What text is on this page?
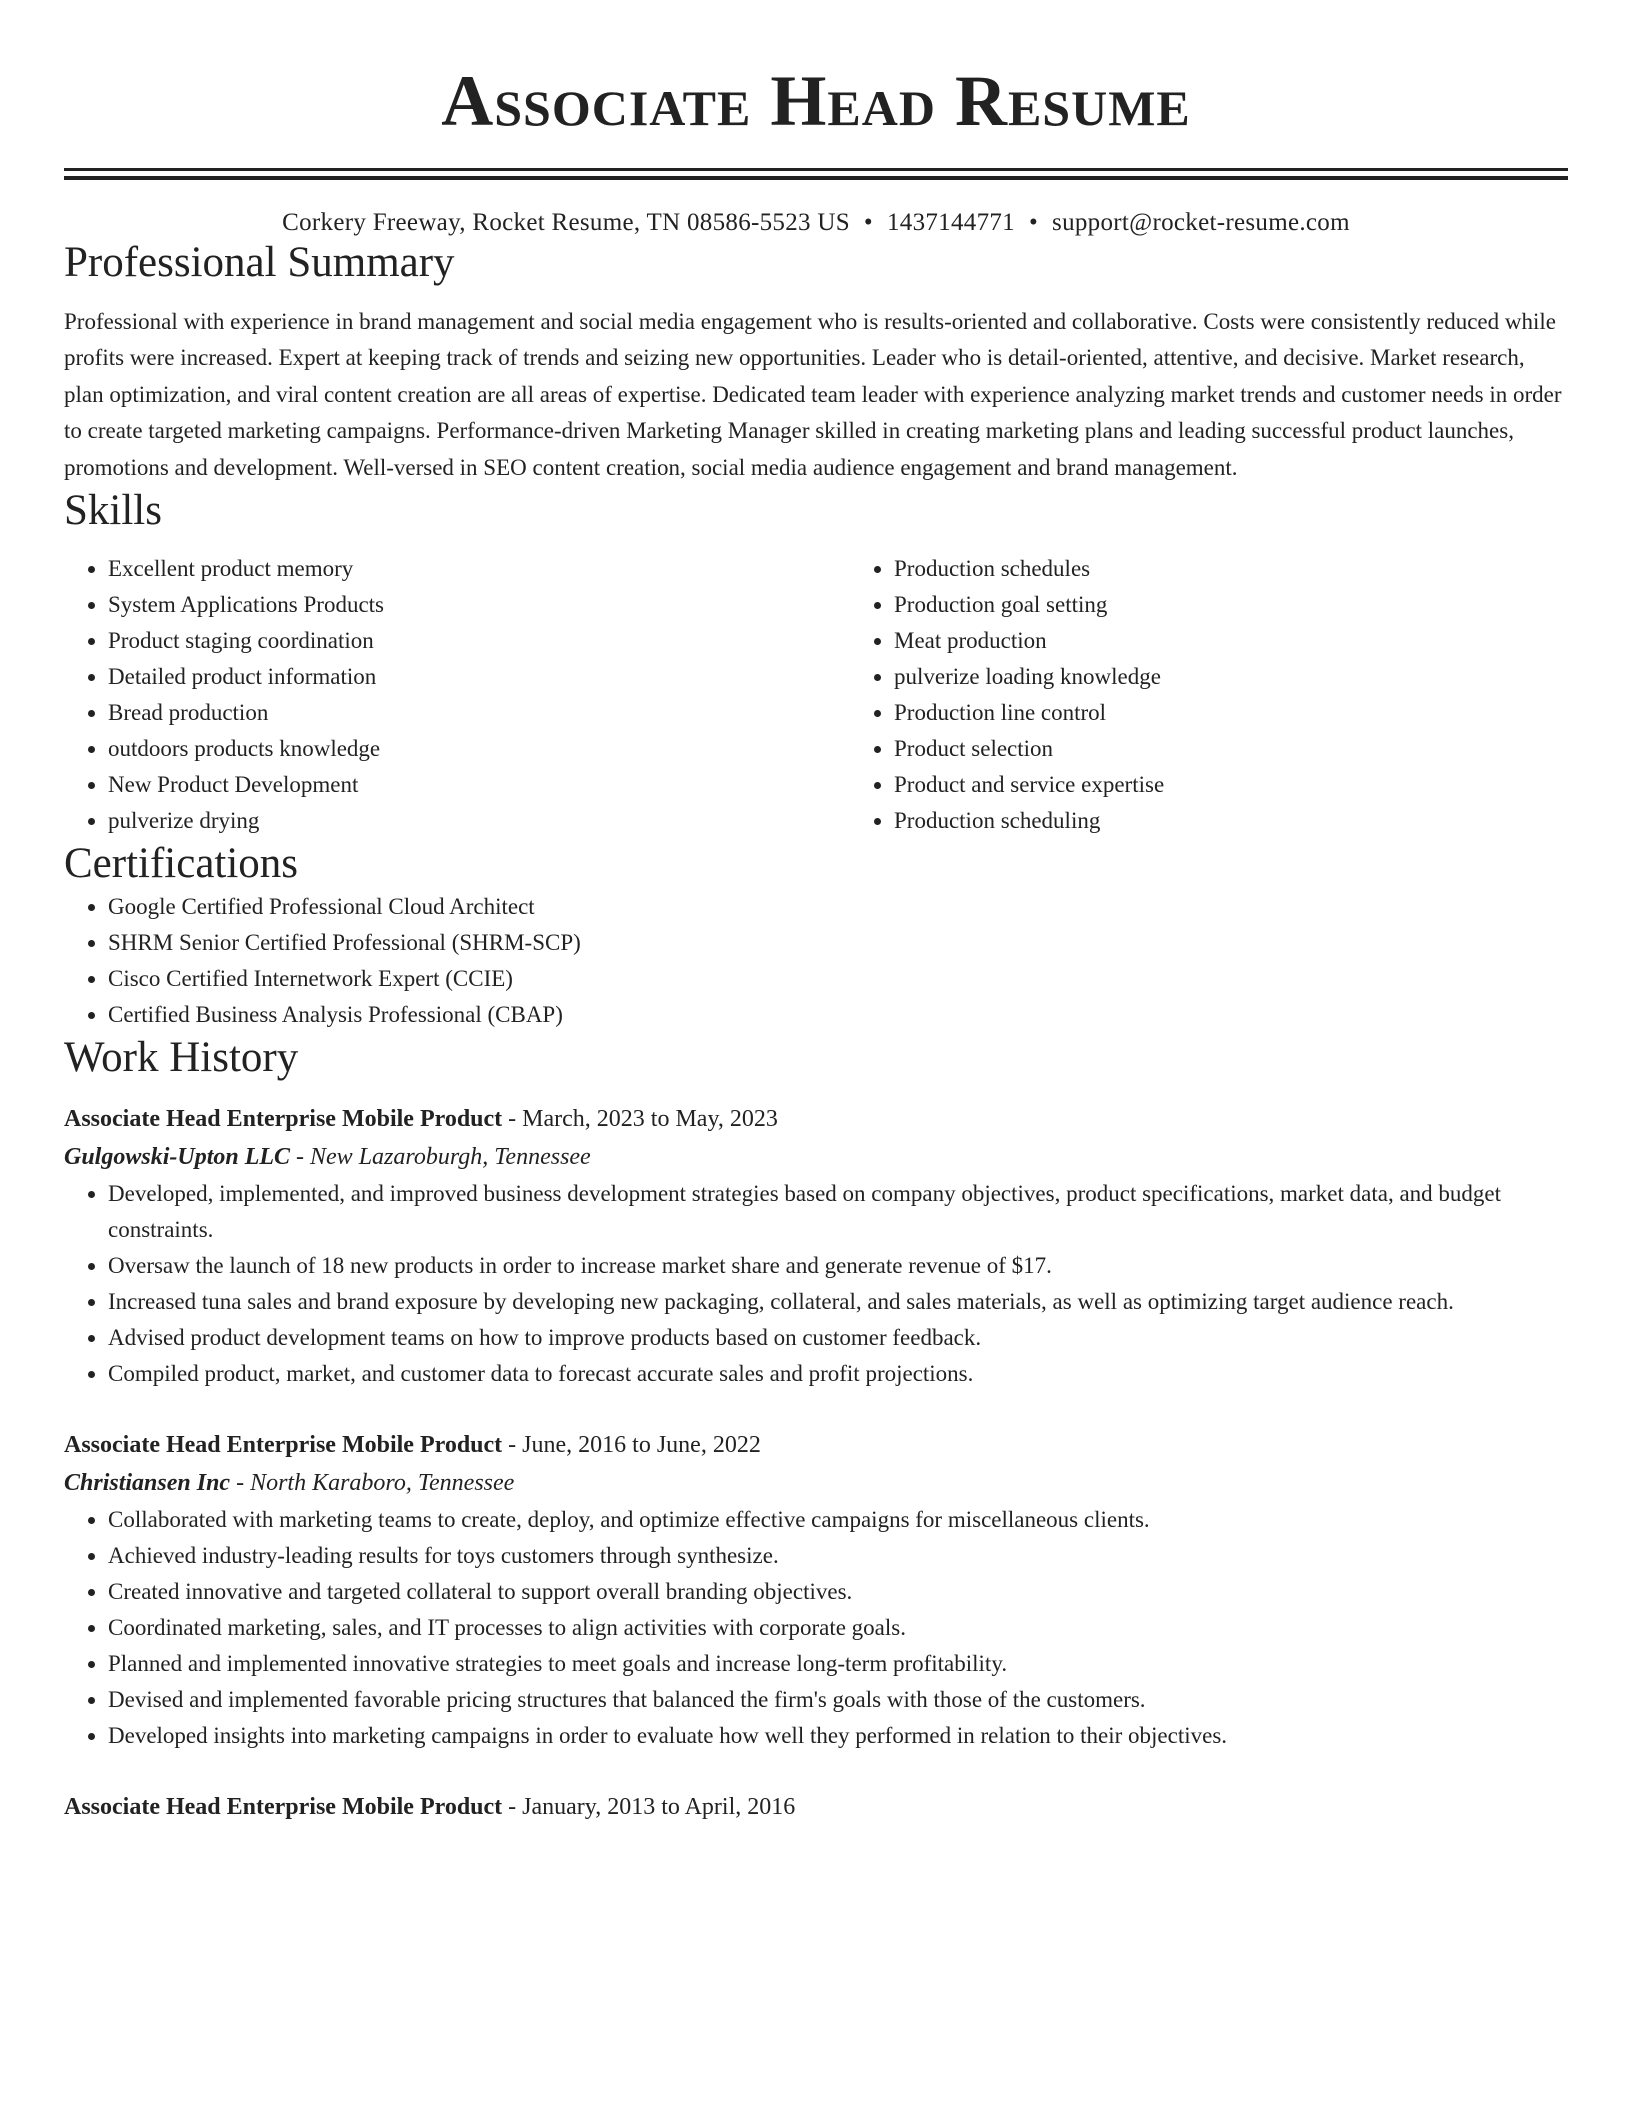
Associate Head Resume
Corkery Freeway, Rocket Resume, TN 08586-5523 US • 1437144771 • support@rocket-resume.com
Professional Summary

Professional with experience in brand management and social media engagement who is results-oriented and collaborative. Costs were consistently reduced while profits were increased. Expert at keeping track of trends and seizing new opportunities. Leader who is detail-oriented, attentive, and decisive. Market research, plan optimization, and viral content creation are all areas of expertise. Dedicated team leader with experience analyzing market trends and customer needs in order to create targeted marketing campaigns. Performance-driven Marketing Manager skilled in creating marketing plans and leading successful product launches, promotions and development. Well-versed in SEO content creation, social media audience engagement and brand management.

Skills
• Excellent product memory
• System Applications Products
• Product staging coordination
• Detailed product information
• Bread production
• outdoors products knowledge
• New Product Development
• pulverize drying
• Production schedules
• Production goal setting
• Meat production
• pulverize loading knowledge
• Production line control
• Product selection
• Product and service expertise
• Production scheduling
Certifications
• Google Certified Professional Cloud Architect
• SHRM Senior Certified Professional (SHRM-SCP)
• Cisco Certified Internetwork Expert (CCIE)
• Certified Business Analysis Professional (CBAP)
Work History
Associate Head Enterprise Mobile Product - March, 2023 to May, 2023
Gulgowski-Upton LLC - New Lazaroburgh, Tennessee
• Developed, implemented, and improved business development strategies based on company objectives, product specifications, market data, and budget constraints.
• Oversaw the launch of 18 new products in order to increase market share and generate revenue of $17.
• Increased tuna sales and brand exposure by developing new packaging, collateral, and sales materials, as well as optimizing target audience reach.
• Advised product development teams on how to improve products based on customer feedback.
• Compiled product, market, and customer data to forecast accurate sales and profit projections.
Associate Head Enterprise Mobile Product - June, 2016 to June, 2022
Christiansen Inc - North Karaboro, Tennessee
• Collaborated with marketing teams to create, deploy, and optimize effective campaigns for miscellaneous clients.
• Achieved industry-leading results for toys customers through synthesize.
• Created innovative and targeted collateral to support overall branding objectives.
• Coordinated marketing, sales, and IT processes to align activities with corporate goals.
• Planned and implemented innovative strategies to meet goals and increase long-term profitability.
• Devised and implemented favorable pricing structures that balanced the firm's goals with those of the customers.
• Developed insights into marketing campaigns in order to evaluate how well they performed in relation to their objectives.
Associate Head Enterprise Mobile Product - January, 2013 to April, 2016
